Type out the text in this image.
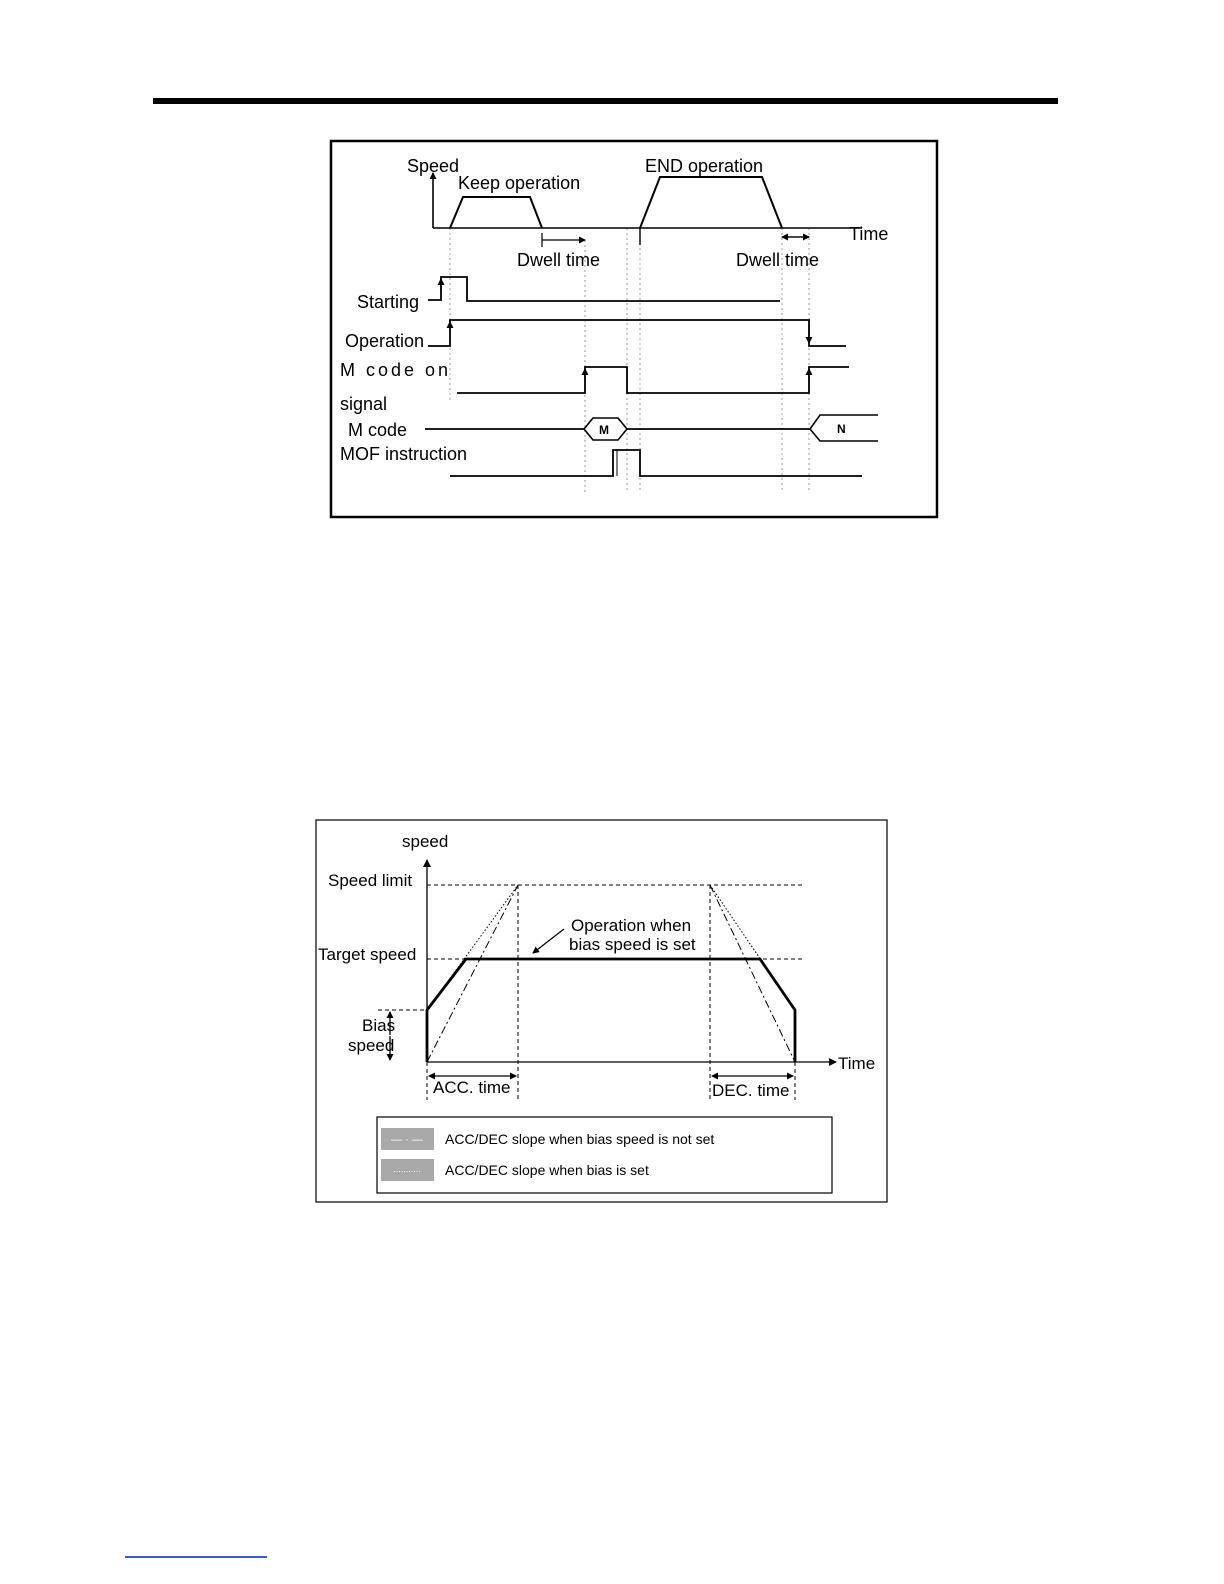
Speed
Keep operation
END operation
Time
Dwell time	Dwell time
Starting
Operation
M code on
signal
M code
MOF instruction
M	N
speed
Speed limit
Target speed
Bias
speed
Time
Operation when
bias speed is set
ACC. time	DEC. time
— · —
...........
ACC/DEC slope when bias speed is not set
ACC/DEC slope when bias is set
